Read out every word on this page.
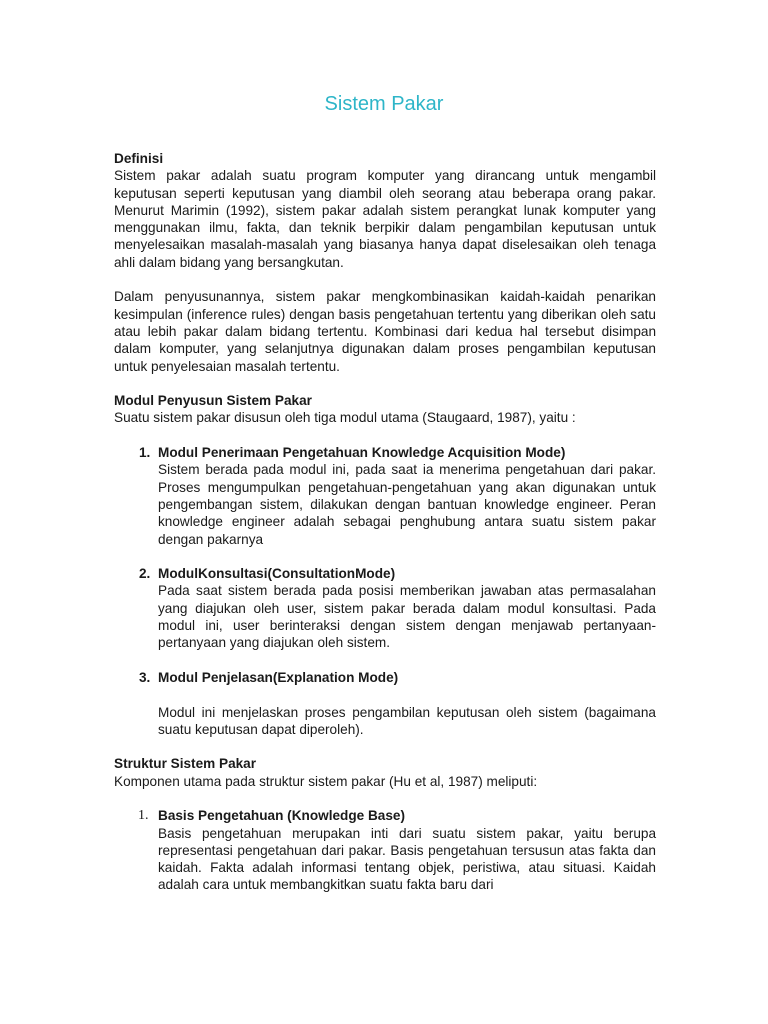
Sistem Pakar
Definisi

Sistem pakar adalah suatu program komputer yang dirancang untuk mengambil keputusan seperti keputusan yang diambil oleh seorang atau beberapa orang pakar. Menurut Marimin (1992), sistem pakar adalah sistem perangkat lunak komputer yang menggunakan ilmu, fakta, dan teknik berpikir dalam pengambilan keputusan untuk menyelesaikan masalah-masalah yang biasanya hanya dapat diselesaikan oleh tenaga ahli dalam bidang yang bersangkutan.

Dalam penyusunannya, sistem pakar mengkombinasikan kaidah-kaidah penarikan kesimpulan (inference rules) dengan basis pengetahuan tertentu yang diberikan oleh satu atau lebih pakar dalam bidang tertentu. Kombinasi dari kedua hal tersebut disimpan dalam komputer, yang selanjutnya digunakan dalam proses pengambilan keputusan untuk penyelesaian masalah tertentu.

Modul Penyusun Sistem Pakar

Suatu sistem pakar disusun oleh tiga modul utama (Staugaard, 1987), yaitu :

1. Modul Penerimaan Pengetahuan Knowledge Acquisition Mode)

Sistem berada pada modul ini, pada saat ia menerima pengetahuan dari pakar. Proses mengumpulkan pengetahuan-pengetahuan yang akan digunakan untuk pengembangan sistem, dilakukan dengan bantuan knowledge engineer. Peran knowledge engineer adalah sebagai penghubung antara suatu sistem pakar dengan pakarnya

2. ModulKonsultasi(ConsultationMode)

Pada saat sistem berada pada posisi memberikan jawaban atas permasalahan yang diajukan oleh user, sistem pakar berada dalam modul konsultasi. Pada modul ini, user berinteraksi dengan sistem dengan menjawab pertanyaan-pertanyaan yang diajukan oleh sistem.

3. Modul Penjelasan(Explanation Mode)

Modul ini menjelaskan proses pengambilan keputusan oleh sistem (bagaimana suatu keputusan dapat diperoleh).

Struktur Sistem Pakar

Komponen utama pada struktur sistem pakar (Hu et al, 1987) meliputi:

1. Basis Pengetahuan (Knowledge Base)

Basis pengetahuan merupakan inti dari suatu sistem pakar, yaitu berupa representasi pengetahuan dari pakar. Basis pengetahuan tersusun atas fakta dan kaidah. Fakta adalah informasi tentang objek, peristiwa, atau situasi. Kaidah adalah cara untuk membangkitkan suatu fakta baru dari
